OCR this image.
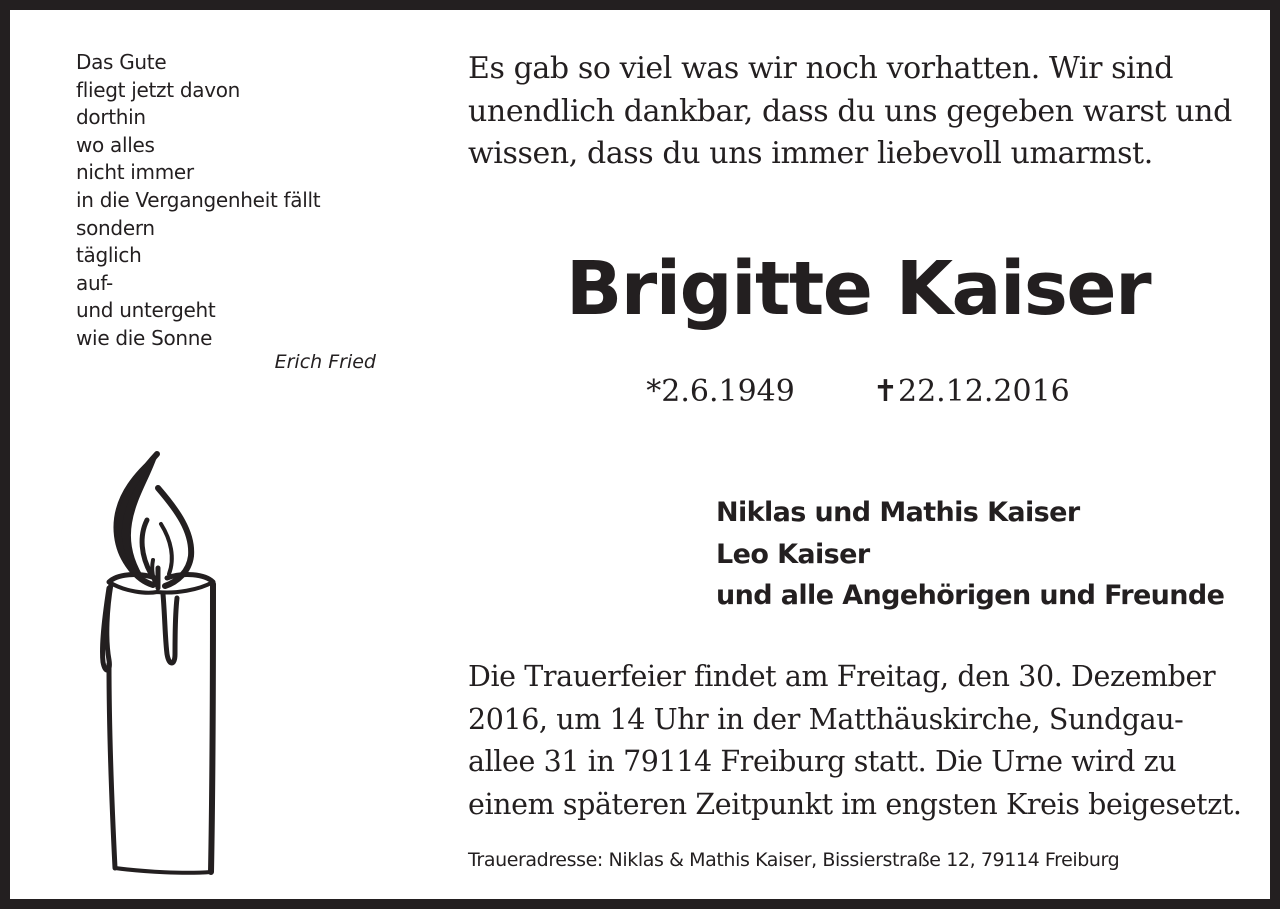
Das Gute
fliegt jetzt davon
dorthin
wo alles
nicht immer
in die Vergangenheit fällt
sondern
täglich
auf-
und untergeht
wie die Sonne
Erich Fried
Es gab so viel was wir noch vorhatten. Wir sind
unendlich dankbar, dass du uns gegeben warst und
wissen, dass du uns immer liebevoll umarmst.
Brigitte Kaiser
*2.6.1949	✝22.12.2016
Niklas und Mathis Kaiser
Leo Kaiser
und alle Angehörigen und Freunde
Die Trauerfeier findet am Freitag, den 30. Dezember
2016, um 14 Uhr in der Matthäuskirche, Sundgau-
allee 31 in 79114 Freiburg statt. Die Urne wird zu
einem späteren Zeitpunkt im engsten Kreis beigesetzt.
Traueradresse: Niklas & Mathis Kaiser, Bissierstraße 12, 79114 Freiburg
